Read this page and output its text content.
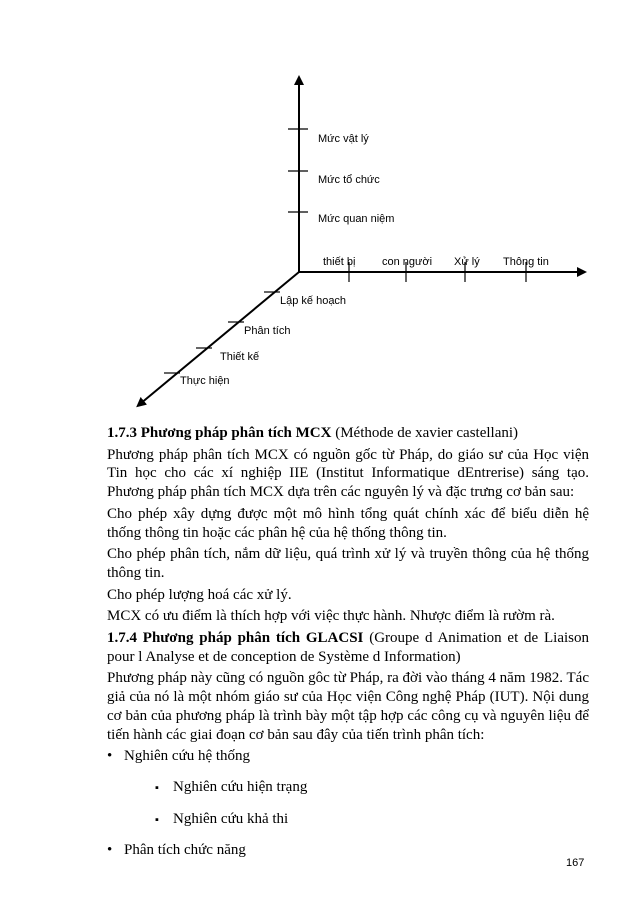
Mức vật lý
Mức tổ chức
Mức quan niệm
thiết bị con người Xử lý Thông tin
Lập kế hoạch
Phân tích
Thiết kế
Thực hiện

1.7.3 Phương pháp phân tích MCX (Méthode de xavier castellani)

Phương pháp phân tích MCX có nguồn gốc từ Pháp, do giáo sư của Học viện Tin học cho các xí nghiệp IIE (Institut Informatique dEntrerise) sáng tạo. Phương pháp phân tích MCX dựa trên các nguyên lý và đặc trưng cơ bản sau:

Cho phép xây dựng được một mô hình tổng quát chính xác để biểu diễn hệ thống thông tin hoặc các phân hệ của hệ thống thông tin.

Cho phép phân tích, nắm dữ liệu, quá trình xử lý và truyền thông của hệ thống thông tin.

Cho phép lượng hoá các xử lý.

MCX có ưu điểm là thích hợp với việc thực hành. Nhược điểm là rườm rà.

1.7.4 Phương pháp phân tích GLACSI (Groupe d Animation et de Liaison pour l Analyse et de conception de Système d Information)

Phương pháp này cũng có nguồn gôc từ Pháp, ra đời vào tháng 4 năm 1982. Tác giả của nó là một nhóm giáo sư của Học viện Công nghệ Pháp (IUT). Nội dung cơ bản của phương pháp là trình bày một tập hợp các công cụ và nguyên liệu để tiến hành các giai đoạn cơ bản sau đây của tiến trình phân tích:

• Nghiên cứu hệ thống
▪ Nghiên cứu hiện trạng
▪ Nghiên cứu khả thi
• Phân tích chức năng
167
